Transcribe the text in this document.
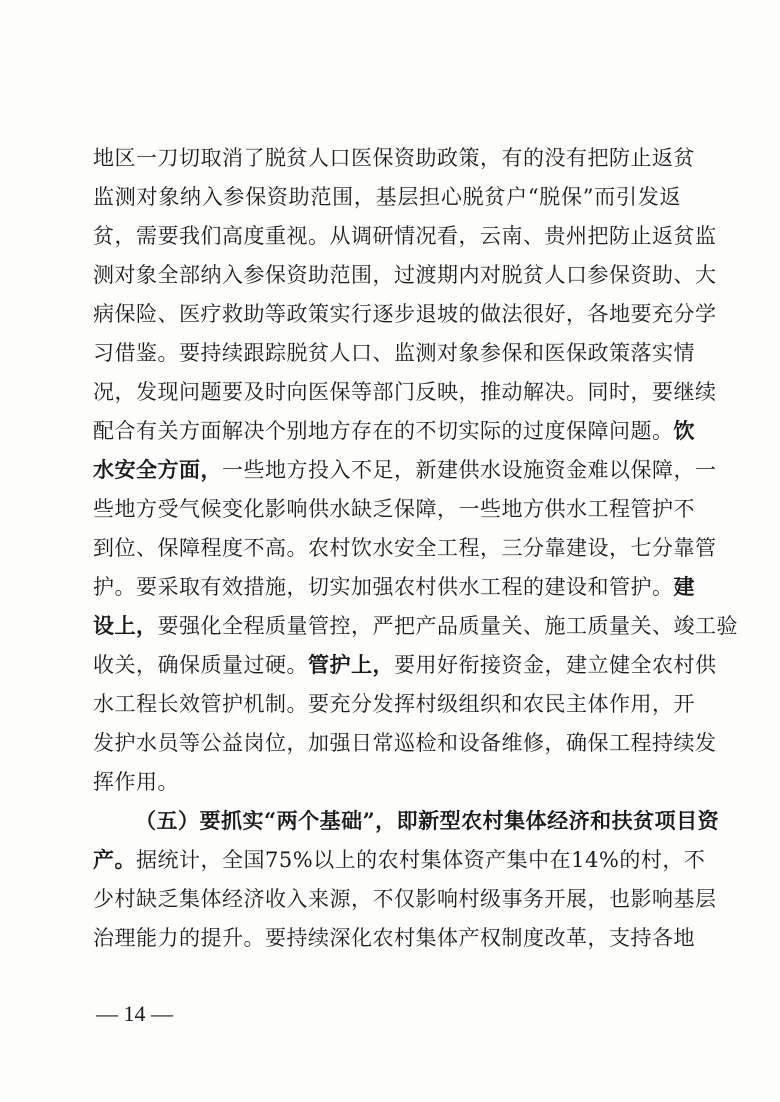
地区一刀切取消了脱贫人口医保资助政策，有的没有把防止返贫
监测对象纳入参保资助范围，基层担心脱贫户“脱保”而引发返
贫，需要我们高度重视。从调研情况看，云南、贵州把防止返贫监
测对象全部纳入参保资助范围，过渡期内对脱贫人口参保资助、大
病保险、医疗救助等政策实行逐步退坡的做法很好，各地要充分学
习借鉴。要持续跟踪脱贫人口、监测对象参保和医保政策落实情
况，发现问题要及时向医保等部门反映，推动解决。同时，要继续
配合有关方面解决个别地方存在的不切实际的过度保障问题。饮
水安全方面，一些地方投入不足，新建供水设施资金难以保障，一
些地方受气候变化影响供水缺乏保障，一些地方供水工程管护不
到位、保障程度不高。农村饮水安全工程，三分靠建设，七分靠管
护。要采取有效措施，切实加强农村供水工程的建设和管护。建
设上，要强化全程质量管控，严把产品质量关、施工质量关、竣工验
收关，确保质量过硬。管护上，要用好衔接资金，建立健全农村供
水工程长效管护机制。要充分发挥村级组织和农民主体作用，开
发护水员等公益岗位，加强日常巡检和设备维修，确保工程持续发
挥作用。
（五）要抓实“两个基础”，即新型农村集体经济和扶贫项目资
产。据统计，全国75%以上的农村集体资产集中在14%的村，不
少村缺乏集体经济收入来源，不仅影响村级事务开展，也影响基层
治理能力的提升。要持续深化农村集体产权制度改革，支持各地
— 14 —
